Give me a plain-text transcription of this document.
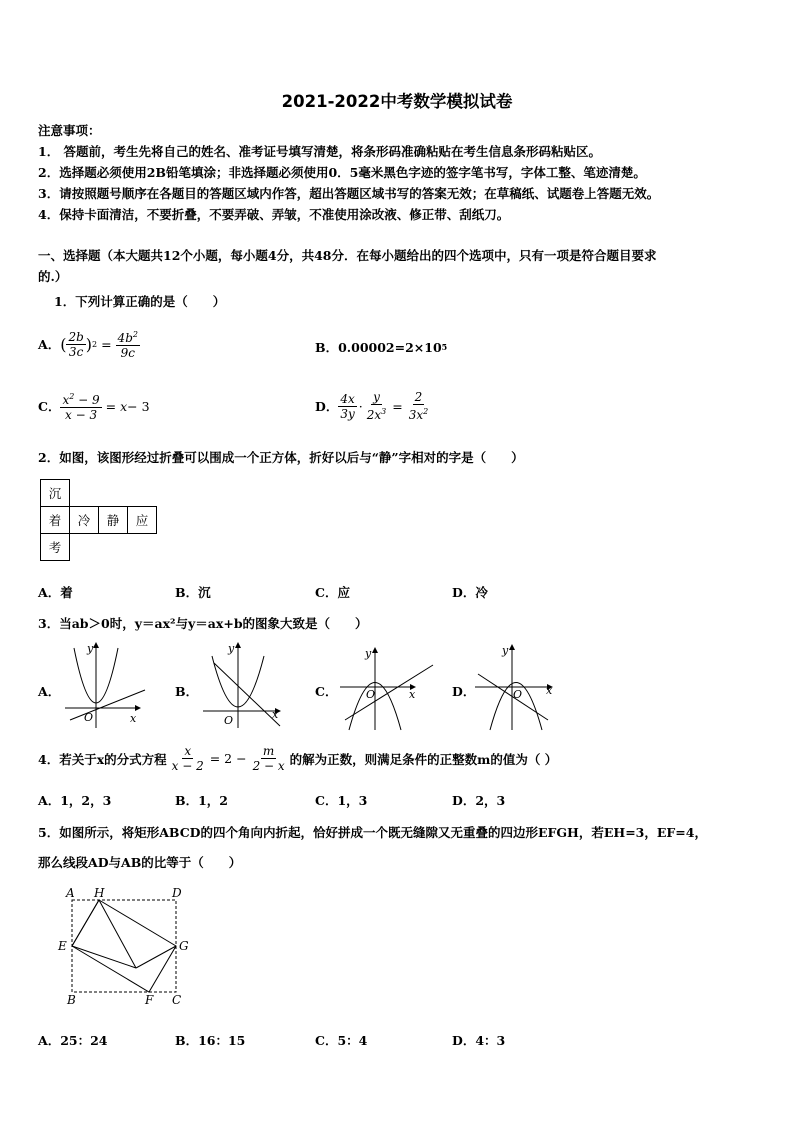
2021-2022中考数学模拟试卷
注意事项：
1． 答题前，考生先将自己的姓名、准考证号填写清楚，将条形码准确粘贴在考生信息条形码粘贴区。
2．选择题必须使用2B铅笔填涂；非选择题必须使用0．5毫米黑色字迹的签字笔书写，字体工整、笔迹清楚。
3．请按照题号顺序在各题目的答题区域内作答，超出答题区域书写的答案无效；在草稿纸、试题卷上答题无效。
4．保持卡面清洁，不要折叠，不要弄破、弄皱，不准使用涂改液、修正带、刮纸刀。
一、选择题（本大题共12个小题，每小题4分，共48分．在每小题给出的四个选项中，只有一项是符合题目要求
的.）
1．下列计算正确的是（　　）
A． ( $\frac{2b}{3c}$ ) $2 = \frac{4b^2}{9c}$	B． 0.00002=2×10 5
C． $\frac{x^2 - 9}{x - 3} = x - 3$	D． $\frac{4x}{3y} \cdot \frac{y}{2x^3} = \frac{2}{3x^2}$
2．如图，该图形经过折叠可以围成一个正方体，折好以后与“静”字相对的字是（　　）
沉			
着	冷	静	应
考			
A．着	B．沉	C．应	D．冷
3．当ab＞0时，y＝ax²与y＝ax+b的图象大致是（　　）
A．	B．	C．	D．
O	x
y
O	x
y
O	x
y
O x
y
4．若关于x的分式方程 $\frac{x}{x - 2} = 2 - \frac{m}{2 - x}$ 的解为正数，则满足条件的正整数m的值为（ ）
A．1，2，3	B．1，2	C．1，3	D．2，3
5．如图所示，将矩形ABCD的四个角向内折起，恰好拼成一个既无缝隙又无重叠的四边形EFGH，若EH=3，EF=4，
那么线段AD与AB的比等于（　　）
A H	D
E	G
B	F C
A．25：24	B．16：15	C．5：4	D．4：3
